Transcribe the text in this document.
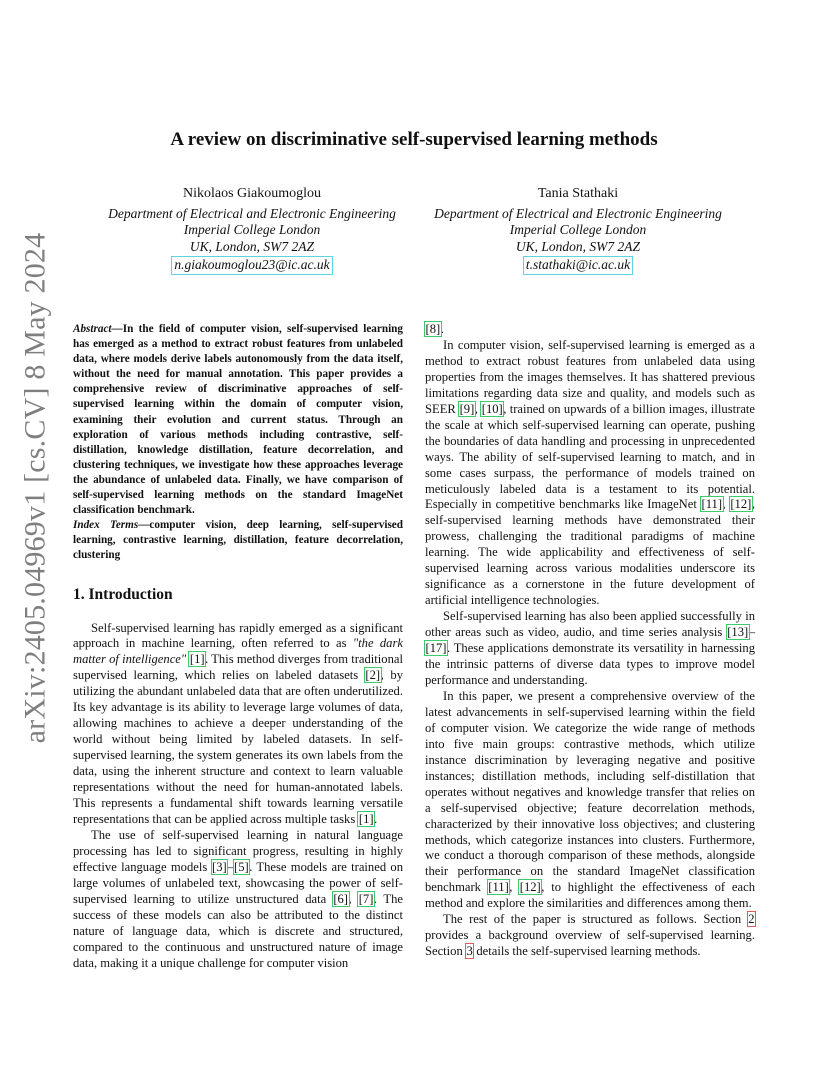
arXiv:2405.04969v1 [cs.CV] 8 May 2024
A review on discriminative self-supervised learning methods
Nikolaos Giakoumoglou
Department of Electrical and Electronic Engineering
Imperial College London
UK, London, SW7 2AZ
n.giakoumoglou23@ic.ac.uk
Tania Stathaki
Department of Electrical and Electronic Engineering
Imperial College London
UK, London, SW7 2AZ
t.stathaki@ic.ac.uk

Abstract—In the field of computer vision, self-supervised learning has emerged as a method to extract robust features from unlabeled data, where models derive labels autonomously from the data itself, without the need for manual annotation. This paper provides a comprehensive review of discriminative approaches of self-supervised learning within the domain of computer vision, examining their evolution and current status. Through an exploration of various methods including contrastive, self-distillation, knowledge distillation, feature decorrelation, and clustering techniques, we investigate how these approaches leverage the abundance of unlabeled data. Finally, we have comparison of self-supervised learning methods on the standard ImageNet classification benchmark.

Index Terms—computer vision, deep learning, self-supervised learning, contrastive learning, distillation, feature decorrelation, clustering

1. Introduction

Self-supervised learning has rapidly emerged as a significant approach in machine learning, often referred to as "the dark matter of intelligence" [1]. This method diverges from traditional supervised learning, which relies on labeled datasets [2], by utilizing the abundant unlabeled data that are often underutilized. Its key advantage is its ability to leverage large volumes of data, allowing machines to achieve a deeper understanding of the world without being limited by labeled datasets. In self-supervised learning, the system generates its own labels from the data, using the inherent structure and context to learn valuable representations without the need for human-annotated labels. This represents a fundamental shift towards learning versatile representations that can be applied across multiple tasks [1].

The use of self-supervised learning in natural language processing has led to significant progress, resulting in highly effective language models [3]–[5]. These models are trained on large volumes of unlabeled text, showcasing the power of self-supervised learning to utilize unstructured data [6], [7]. The success of these models can also be attributed to the distinct nature of language data, which is discrete and structured, compared to the continuous and unstructured nature of image data, making it a unique challenge for computer vision

[8].

In computer vision, self-supervised learning is emerged as a method to extract robust features from unlabeled data using properties from the images themselves. It has shattered previous limitations regarding data size and quality, and models such as SEER [9], [10], trained on upwards of a billion images, illustrate the scale at which self-supervised learning can operate, pushing the boundaries of data handling and processing in unprecedented ways. The ability of self-supervised learning to match, and in some cases surpass, the performance of models trained on meticulously labeled data is a testament to its potential. Especially in competitive benchmarks like ImageNet [11], [12], self-supervised learning methods have demonstrated their prowess, challenging the traditional paradigms of machine learning. The wide applicability and effectiveness of self-supervised learning across various modalities underscore its significance as a cornerstone in the future development of artificial intelligence technologies.

Self-supervised learning has also been applied successfully in other areas such as video, audio, and time series analysis [13]–[17]. These applications demonstrate its versatility in harnessing the intrinsic patterns of diverse data types to improve model performance and understanding.

In this paper, we present a comprehensive overview of the latest advancements in self-supervised learning within the field of computer vision. We categorize the wide range of methods into five main groups: contrastive methods, which utilize instance discrimination by leveraging negative and positive instances; distillation methods, including self-distillation that operates without negatives and knowledge transfer that relies on a self-supervised objective; feature decorrelation methods, characterized by their innovative loss objectives; and clustering methods, which categorize instances into clusters. Furthermore, we conduct a thorough comparison of these methods, alongside their performance on the standard ImageNet classification benchmark [11], [12], to highlight the effectiveness of each method and explore the similarities and differences among them.

The rest of the paper is structured as follows. Section 2 provides a background overview of self-supervised learning. Section 3 details the self-supervised learning methods.
